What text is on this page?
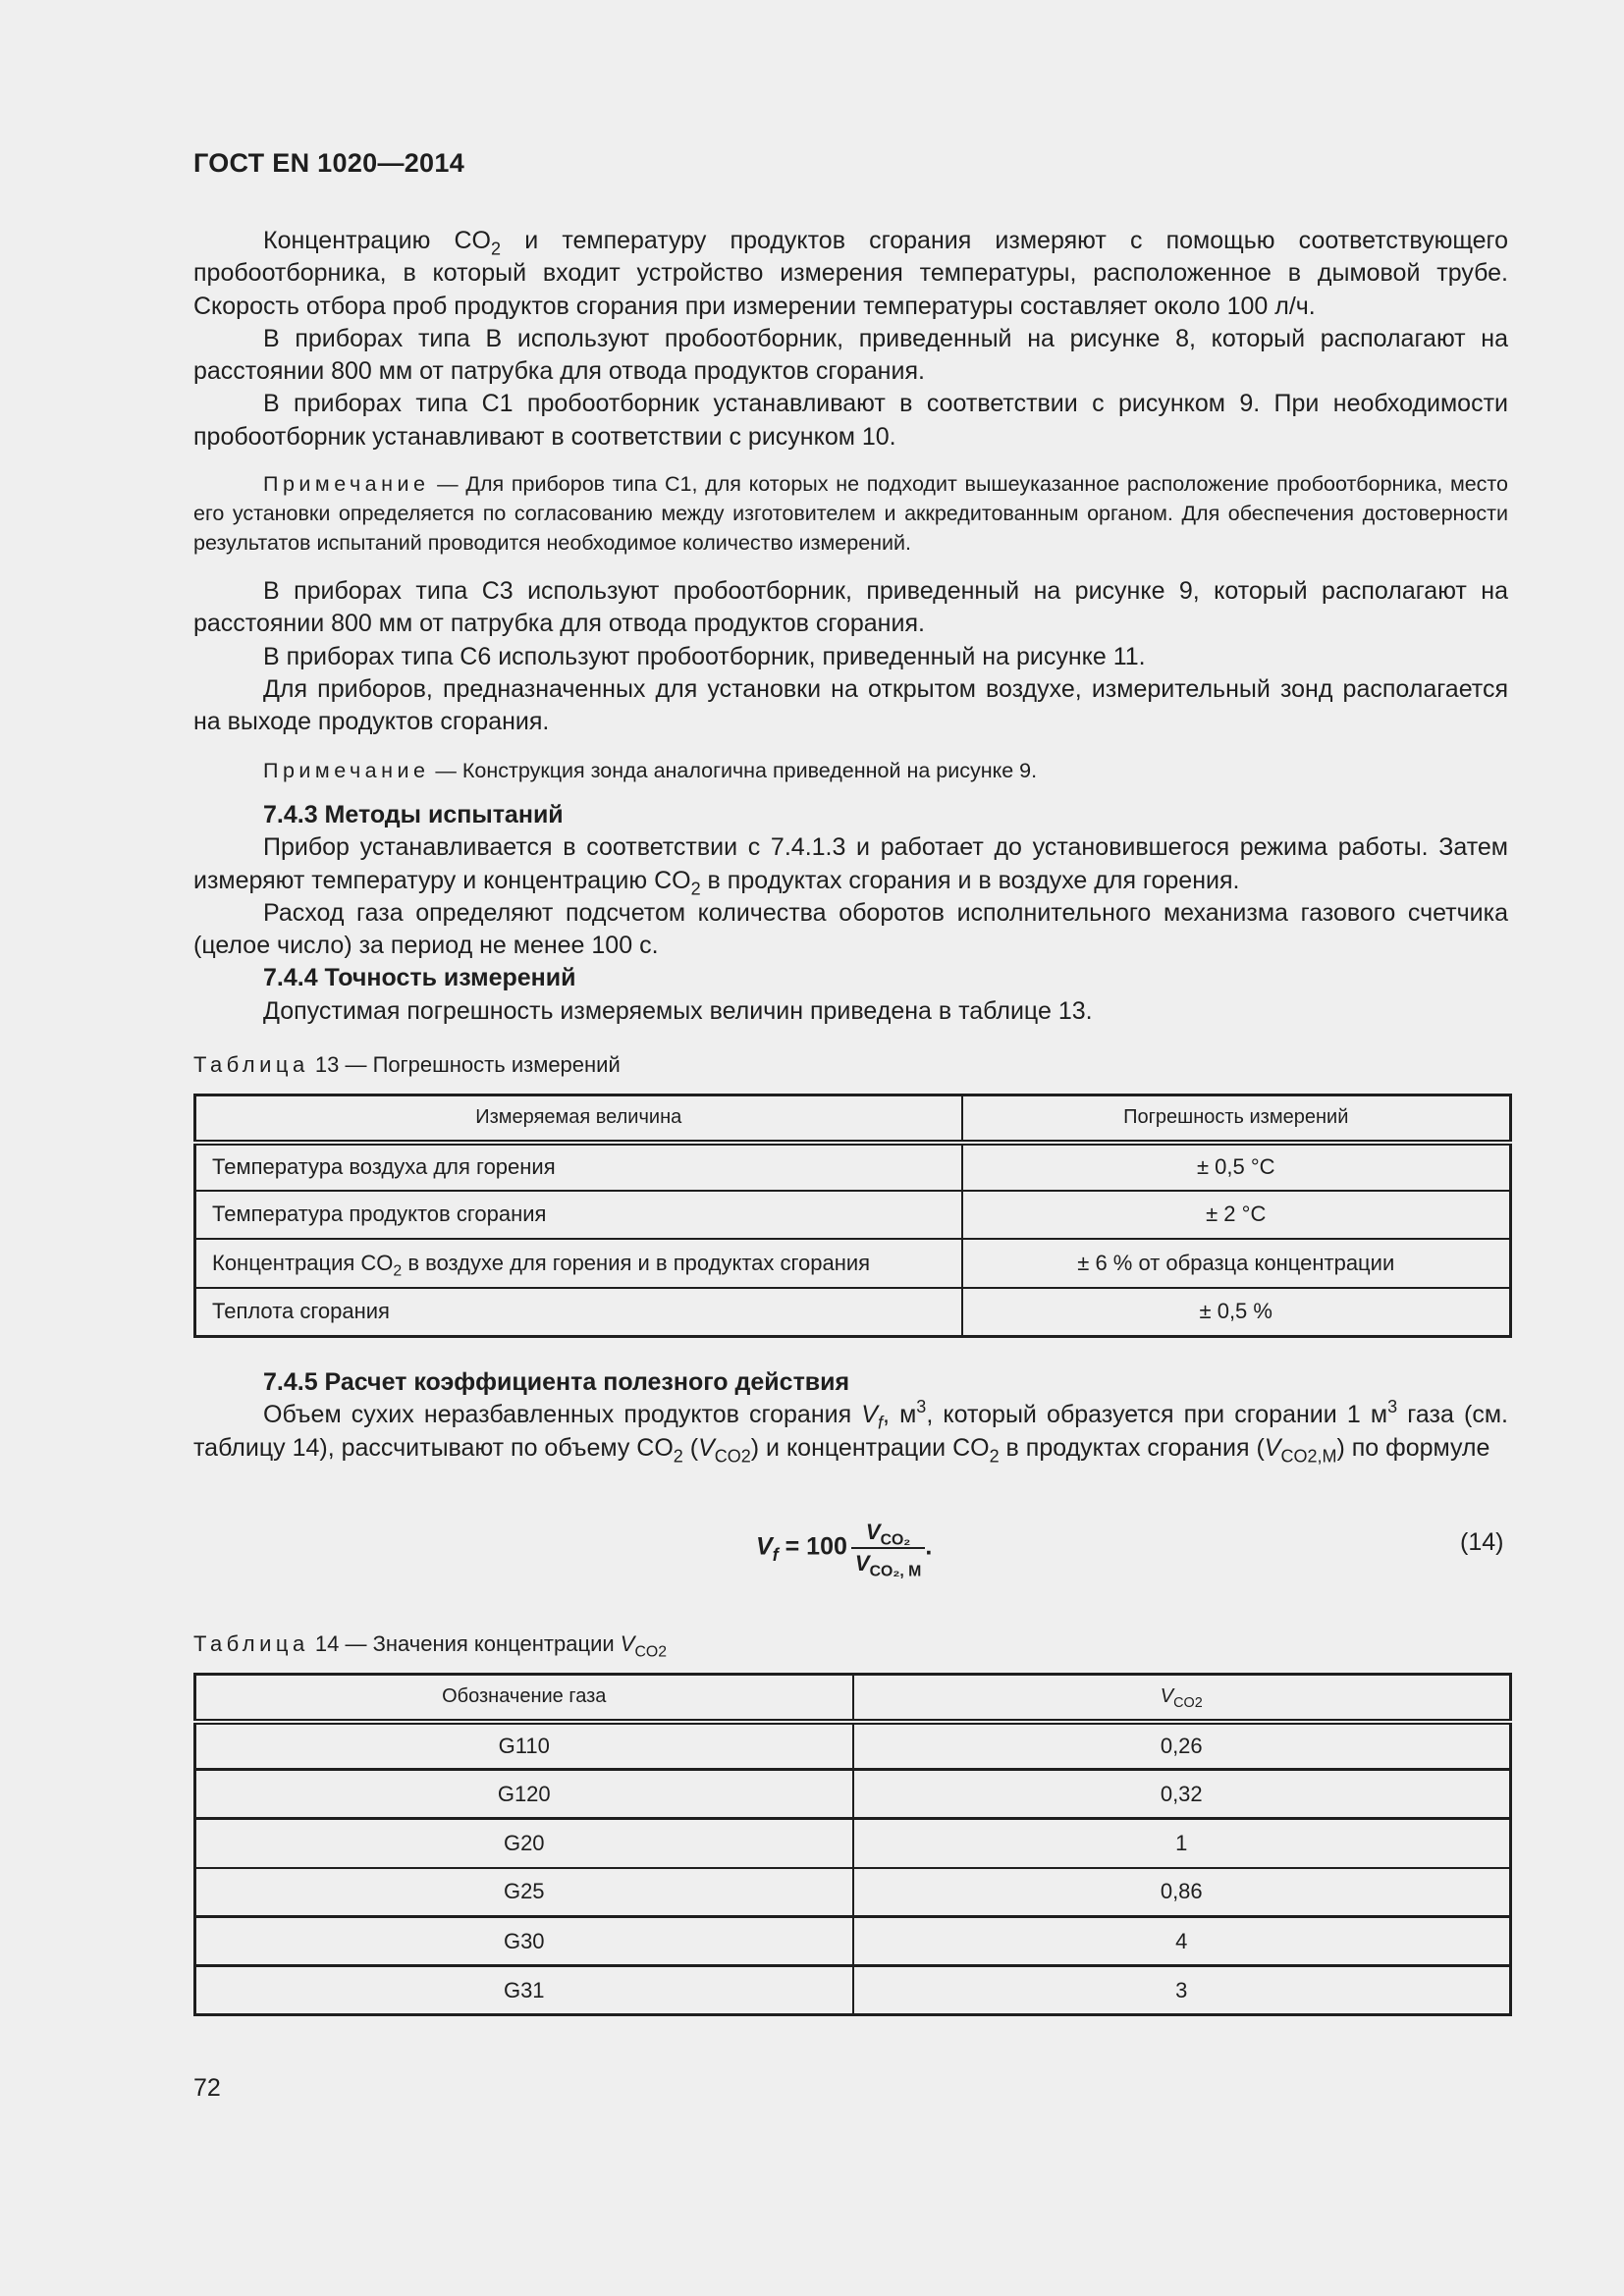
ГОСТ EN 1020—2014

Концентрацию $CO_2$ и температуру продуктов сгорания измеряют с помощью соответствующего пробоотборника, в который входит устройство измерения температуры, расположенное в дымовой трубе. Скорость отбора проб продуктов сгорания при измерении температуры составляет около 100 л/ч.

В приборах типа B используют пробоотборник, приведенный на рисунке 8, который располагают на расстоянии 800 мм от патрубка для отвода продуктов сгорания.

В приборах типа C1 пробоотборник устанавливают в соответствии с рисунком 9. При необходимости пробоотборник устанавливают в соответствии с рисунком 10.

Примечание — Для приборов типа C1, для которых не подходит вышеуказанное расположение пробоотборника, место его установки определяется по согласованию между изготовителем и аккредитованным органом. Для обеспечения достоверности результатов испытаний проводится необходимое количество измерений.

В приборах типа C3 используют пробоотборник, приведенный на рисунке 9, который располагают на расстоянии 800 мм от патрубка для отвода продуктов сгорания.

В приборах типа C6 используют пробоотборник, приведенный на рисунке 11.

Для приборов, предназначенных для установки на открытом воздухе, измерительный зонд располагается на выходе продуктов сгорания.

Примечание — Конструкция зонда аналогична приведенной на рисунке 9.

7.4.3 Методы испытаний

Прибор устанавливается в соответствии с 7.4.1.3 и работает до установившегося режима работы. Затем измеряют температуру и концентрацию $CO_2$ в продуктах сгорания и в воздухе для горения.

Расход газа определяют подсчетом количества оборотов исполнительного механизма газового счетчика (целое число) за период не менее 100 с.

7.4.4 Точность измерений

Допустимая погрешность измеряемых величин приведена в таблице 13.

Таблица 13 — Погрешность измерений
Измеряемая величина	Погрешность измерений
Температура воздуха для горения	± 0,5 °C
Температура продуктов сгорания	± 2 °C
Концентрация $CO_2$ в воздухе для горения и в продуктах сгорания	± 6 % от образца концентрации
Теплота сгорания	± 0,5 %

7.4.5 Расчет коэффициента полезного действия

Объем сухих неразбавленных продуктов сгорания $V_f$, $м^3$, который образуется при сгорании 1 $м^3$ газа (см. таблицу 14), рассчитывают по объему $CO_2$ $(V_{CO2})$ и концентрации $CO_2$ в продуктах сгорания $(V_{CO2,M})$ по формуле

$V_f = 100 \frac{V_{CO_2}}{V_{CO_2, M}}$ .	(14)
Таблица 14 — Значения концентрации $V_{CO2}$
Обозначение газа	$V_{CO2}$
G110	0,26
G120	0,32
G20	1
G25	0,86
G30	4
G31	3
72
